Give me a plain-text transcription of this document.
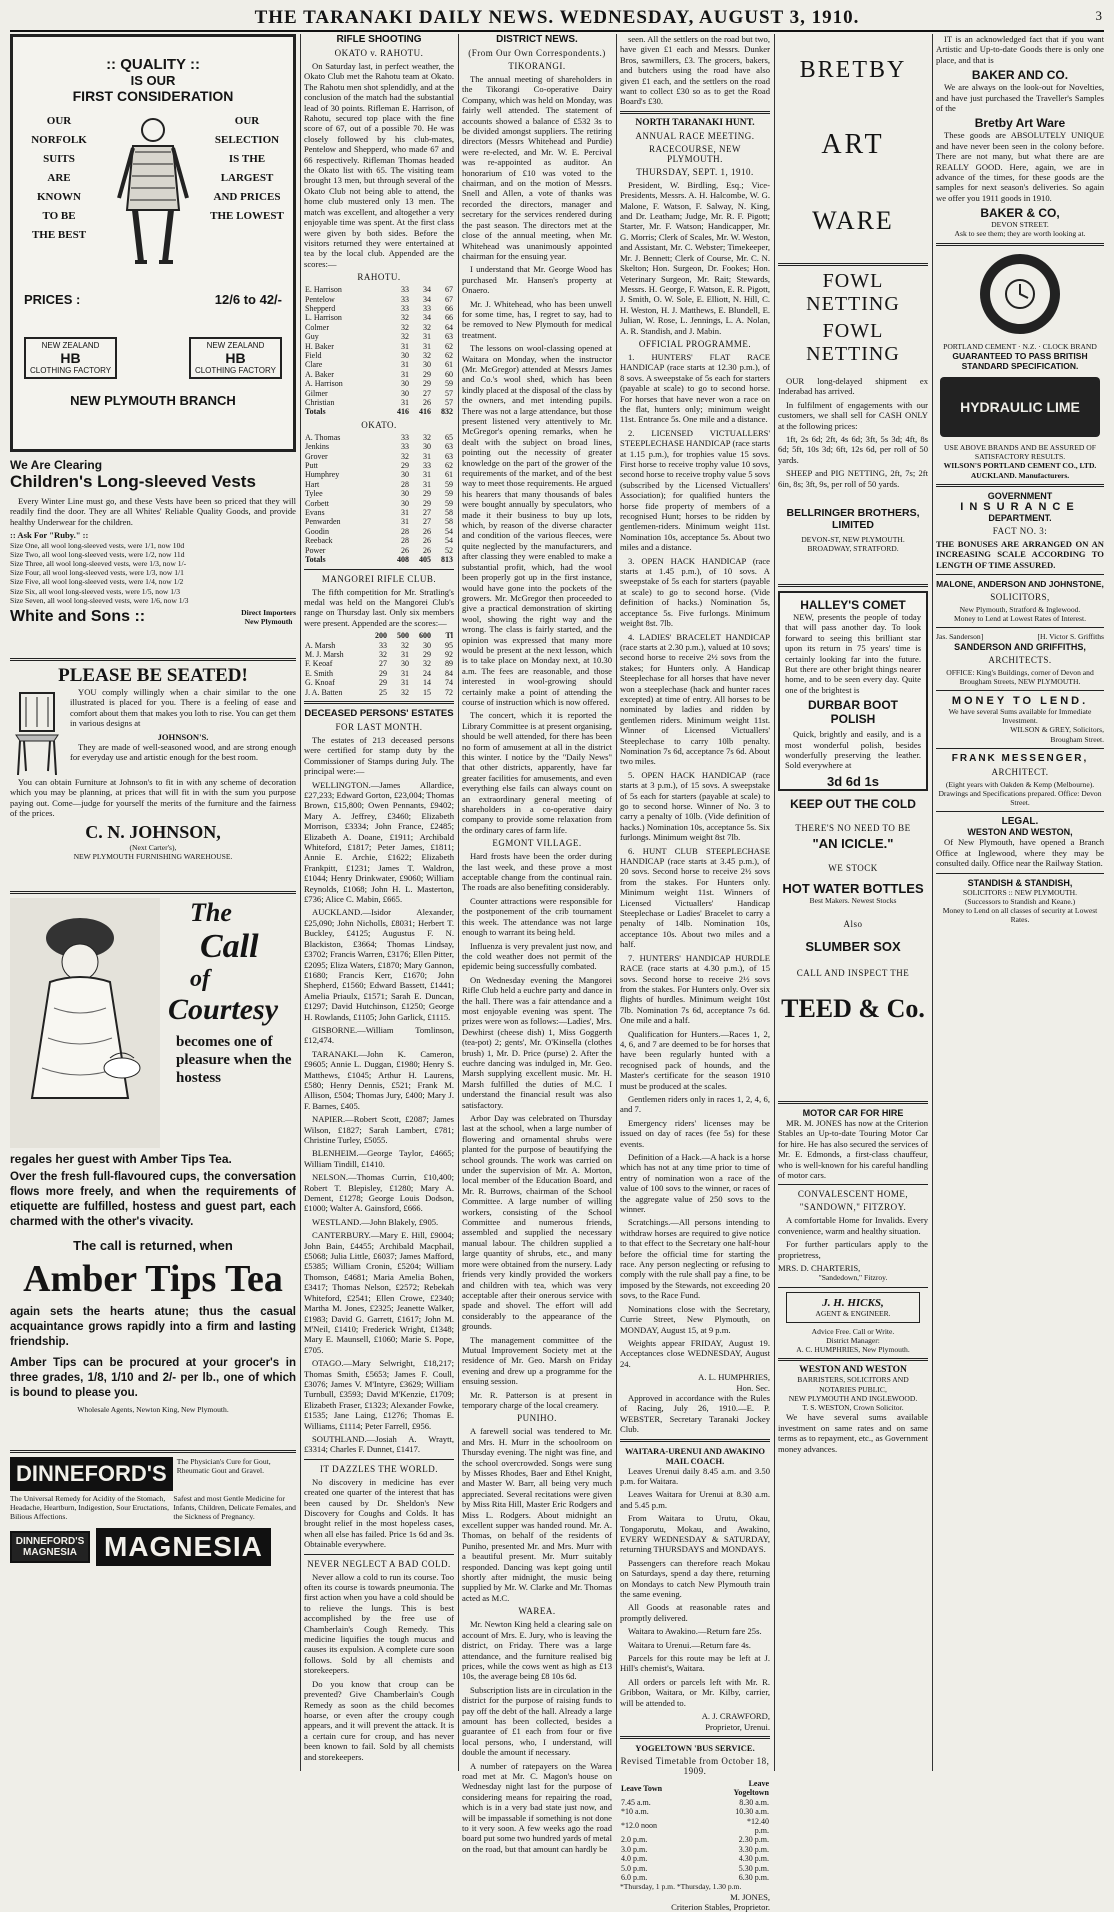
THE TARANAKI DAILY NEWS. WEDNESDAY, AUGUST 3, 1910.	3
:: QUALITY ::
IS OUR
FIRST CONSIDERATION
OUR
NORFOLK SUITS
ARE
KNOWN
TO BE
THE BEST
OUR
SELECTION
IS THE
LARGEST
AND PRICES
THE LOWEST
PRICES :	12/6 to 42/-
NEW ZEALAND
HB
CLOTHING FACTORY
NEW ZEALAND
HB
CLOTHING FACTORY
NEW PLYMOUTH BRANCH
We Are Clearing
Children's Long-sleeved Vests
Every Winter Line must go, and these Vests have been so priced that they will readily find the door. They are all Whites' Reliable Quality Goods, and provide healthy Underwear for the children.
:: Ask For "Ruby." ::
Size One, all wool long-sleeved vests, were 1/1, now 10d
Size Two, all wool long-sleeved vests, were 1/2, now 11d
Size Three, all wool long-sleeved vests, were 1/3, now 1/-
Size Four, all wool long-sleeved vests, were 1/3, now 1/1
Size Five, all wool long-sleeved vests, were 1/4, now 1/2
Size Six, all wool long-sleeved vests, were 1/5, now 1/3
Size Seven, all wool long-sleeved vests, were 1/6, now 1/3
White and Sons ::	Direct Importers
New Plymouth
PLEASE BE SEATED!
YOU comply willingly when a chair similar to the one illustrated is placed for you. There is a feeling of ease and comfort about them that makes you loth to rise. You can get them in various designs at
JOHNSON'S.
They are made of well-seasoned wood, and are strong enough for everyday use and artistic enough for the best room.
You can obtain Furniture at Johnson's to fit in with any scheme of decoration which you may be planning, at prices that will fit in with the sum you purpose paying out. Come—judge for yourself the merits of the furniture and the fairness of the prices.
C. N. JOHNSON,
(Next Carter's),
NEW PLYMOUTH FURNISHING WAREHOUSE.
The
Call
of
Courtesy
becomes one of pleasure when the hostess
regales her guest with Amber Tips Tea.
Over the fresh full-flavoured cups, the conversation flows more freely, and when the requirements of etiquette are fulfilled, hostess and guest part, each charmed with the other's vivacity.
The call is returned, when
Amber Tips Tea
again sets the hearts atune; thus the casual acquaintance grows rapidly into a firm and lasting friendship.
Amber Tips can be procured at your grocer's in three grades, 1/8, 1/10 and 2/- per lb., one of which is bound to please you.
Wholesale Agents, Newton King, New Plymouth.
DINNEFORD'S	The Physician's Cure for Gout, Rheumatic Gout and Gravel.
The Universal Remedy for Acidity of the Stomach, Headache, Heartburn, Indigestion, Sour Eructations, Bilious Affections.
Safest and most Gentle Medicine for Infants, Children, Delicate Females, and the Sickness of Pregnancy.
DINNEFORD'S
MAGNESIA MAGNESIA
RIFLE SHOOTING
OKATO v. RAHOTU.
On Saturday last, in perfect weather, the Okato Club met the Rahotu team at Okato. The Rahotu men shot splendidly, and at the conclusion of the match had the substantial lead of 30 points. Rifleman E. Harrison, of Rahotu, secured top place with the fine score of 67, out of a possible 70. He was closely followed by his club-mates, Pentelow and Shepperd, who made 67 and 66 respectively. Rifleman Thomas headed the Okato list with 65. The visiting team brought 13 men, but through several of the Okato Club not being able to attend, the home club mustered only 13 men. The match was excellent, and altogether a very enjoyable time was spent. At the first class were given by both sides. Before the visitors returned they were entertained at tea by the local club. Appended are the scores:—
RAHOTU.
E. Harrison	33	34	67
Pentelow	33	34	67
Shepperd	33	33	66
L. Harrison	32	34	66
Colmer	32	32	64
Guy	32	31	63
H. Baker	31	31	62
Field	30	32	62
Clare	31	30	61
A. Baker	31	29	60
A. Harrison	30	29	59
Gilmer	30	27	57
Christian	31	26	57
Totals	416	416	832
OKATO.
A. Thomas	33	32	65
Jenkins	33	30	63
Grover	32	31	63
Putt	29	33	62
Humphrey	30	31	61
Hart	28	31	59
Tylee	30	29	59
Corbett	30	29	59
Evans	31	27	58
Penwarden	31	27	58
Goodin	28	26	54
Reeback	28	26	54
Power	26	26	52
Totals	408	405	813
MANGOREI RIFLE CLUB.
The fifth competition for Mr. Stratling's medal was held on the Mangorei Club's range on Thursday last. Only six members were present. Appended are the scores:—
	200	500	600	Tl
A. Marsh	33	32	30	95
M. J. Marsh	32	31	29	92
F. Keoaf	27	30	32	89
E. Smith	29	31	24	84
G. Knoaf	29	31	14	74
J. A. Batten	25	32	15	72
DECEASED PERSONS' ESTATES
FOR LAST MONTH.
The estates of 213 deceased persons were certified for stamp duty by the Commissioner of Stamps during July. The principal were:—
WELLINGTON.—James Allardice, £27,233; Edward Gorton, £23,004; Thomas Brown, £15,800; Owen Pennants, £9402; Mary A. Jeffrey, £3460; Elizabeth Morrison, £3334; John France, £2485; Elizabeth A. Doane, £1911; Archibald Whiteford, £1817; Peter James, £1811; Annie E. Archie, £1622; Elizabeth Frankpitt, £1231; James T. Waldron, £1044; Henry Drinkwater, £9060; William Reynolds, £1068; John H. L. Masterton, £736; Alice C. Mabin, £665.
AUCKLAND.—Isidor Alexander, £25,090; John Nicholls, £8031; Herbert T. Buckley, £4125; Augustus F. N. Blackiston, £3664; Thomas Lindsay, £3702; Francis Warren, £3176; Ellen Pitter, £2095; Eliza Waters, £1870; Mary Gannon, £1680; Francis Kerr, £1670; John Shepherd, £1560; Edward Bassett, £1441; Amelia Priaulx, £1571; Sarah E. Duncan, £1297; David Hutchinson, £1250; George H. Rowlands, £1105; John Garlick, £1115.
GISBORNE.—William Tomlinson, £12,474.
TARANAKI.—John K. Cameron, £9605; Annie L. Duggan, £1980; Henry S. Matthews, £1045; Arthur H. Laurens, £580; Henry Dennis, £521; Frank M. Allison, £504; Thomas Jury, £400; Mary J. F. Barnes, £405.
NAPIER.—Robert Scott, £2087; James Wilson, £1827; Sarah Lambert, £781; Christine Turley, £5055.
BLENHEIM.—George Taylor, £4665; William Tindill, £1410.
NELSON.—Thomas Currin, £10,400; Robert T. Blepisley, £1280; Mary A. Dement, £1278; George Louis Dodson, £1000; Walter A. Gainsford, £666.
WESTLAND.—John Blakely, £905.
CANTERBURY.—Mary E. Hill, £9004; John Bain, £4455; Archibald Macphail, £5068; Julia Little, £6037; James Mafford, £5385; William Cronin, £5204; William Thomson, £4681; Maria Amelia Bohen, £3417; Thomas Nelson, £2572; Rebekah Whiteford, £2541; Ellen Crowe, £2340; Martha M. Jones, £2325; Jeanette Walker, £1983; David G. Garrett, £1617; John M. M'Neil, £1410; Frederick Wright, £1348; Mary E. Maunsell, £1060; Marie S. Pope, £705.
OTAGO.—Mary Selwright, £18,217; Thomas Smith, £5653; James F. Coull, £3076; James V. M'Intyre, £3629; William Turnbull, £3593; David M'Kenzie, £1709; Elizabeth Fraser, £1323; Alexander Fowke, £1535; Jane Laing, £1276; Thomas E. Williams, £1114; Peter Farrell, £956.
SOUTHLAND.—Josiah A. Wraytt, £3314; Charles F. Dunnet, £1417.
IT DAZZLES THE WORLD.
No discovery in medicine has ever created one quarter of the interest that has been caused by Dr. Sheldon's New Discovery for Coughs and Colds. It has brought relief in the most hopeless cases, when all else has failed. Price 1s 6d and 3s. Obtainable everywhere.
NEVER NEGLECT A BAD COLD.
Never allow a cold to run its course. Too often its course is towards pneumonia. The first action when you have a cold should be to relieve the lungs. This is best accomplished by the free use of Chamberlain's Cough Remedy. This medicine liquifies the tough mucus and causes its expulsion. A complete cure soon follows. Sold by all chemists and storekeepers.
Do you know that croup can be prevented? Give Chamberlain's Cough Remedy as soon as the child becomes hoarse, or even after the croupy cough appears, and it will prevent the attack. It is a certain cure for croup, and has never been known to fail. Sold by all chemists and storekeepers.
DISTRICT NEWS.
(From Our Own Correspondents.)
TIKORANGI.
The annual meeting of shareholders in the Tikorangi Co-operative Dairy Company, which was held on Monday, was fairly well attended. The statement of accounts showed a balance of £532 3s to be divided amongst suppliers. The retiring directors (Messrs Whitehead and Purdie) were re-elected, and Mr. W. E. Percival was re-appointed as auditor. An honorarium of £10 was voted to the chairman, and on the motion of Messrs. Snell and Allen, a vote of thanks was recorded the directors, manager and secretary for the services rendered during the past season. The directors met at the close of the annual meeting, when Mr. Whitehead was unanimously appointed chairman for the ensuing year.
I understand that Mr. George Wood has purchased Mr. Hansen's property at Onaero.
Mr. J. Whitehead, who has been unwell for some time, has, I regret to say, had to be removed to New Plymouth for medical treatment.
The lessons on wool-classing opened at Waitara on Monday, when the instructor (Mr. McGregor) attended at Messrs James and Co.'s wool shed, which has been kindly placed at the disposal of the class by the owners, and met intending pupils. There was not a large attendance, but those present listened very attentively to Mr. McGregor's opening remarks, when he dealt with the subject on broad lines, pointing out the necessity of greater knowledge on the part of the grower of the requirements of the market, and of the best way to meet those requirements. He argued his hearers that many thousands of bales were bought annually by speculators, who made it their business to buy up lots, which, by reason of the diverse character and condition of the various fleeces, were quite neglected by the manufacturers, and after classing they were enabled to make a substantial profit, which, had the wool been properly got up in the first instance, would have gone into the pockets of the growers. Mr. McGregor then proceeded to give a practical demonstration of skirting wool, showing the right way and the wrong. The class is fairly started, and the opinion was expressed that many more would be present at the next lesson, which is to take place on Monday next, at 10.30 a.m. The fees are reasonable, and those interested in wool-growing should certainly make a point of attending the course of instruction which is now offered.
The concert, which it is reported the Library Committee is at present organising, should be well attended, for there has been no form of amusement at all in the district this winter. I notice by the "Daily News" that other districts, apparently, have far greater facilities for amusements, and even everything else fails can always count on an extraordinary general meeting of shareholders in a co-operative dairy company to provide some relaxation from the ordinary cares of farm life.
EGMONT VILLAGE.
Hard frosts have been the order during the last week, and these prove a most acceptable change from the continual rain. The roads are also benefiting considerably.
Counter attractions were responsible for the postponement of the crib tournament this week. The attendance was not large enough to warrant its being held.
Influenza is very prevalent just now, and the cold weather does not permit of the epidemic being successfully combated.
On Wednesday evening the Mangorei Rifle Club held a euchre party and dance in the hall. There was a fair attendance and a most enjoyable evening was spent. The prizes were won as follows:—Ladies', Mrs. Dewhirst (cheese dish) 1, Miss Goggerth (tea-pot) 2; gents', Mr. O'Kinsella (clothes brush) 1, Mr. D. Price (purse) 2. After the euchre dancing was indulged in, Mr. Geo. Marsh supplying excellent music. Mr. H. Marsh fulfilled the duties of M.C. I understand the financial result was also satisfactory.
Arbor Day was celebrated on Thursday last at the school, when a large number of flowering and ornamental shrubs were planted for the purpose of beautifying the school grounds. The work was carried on under the supervision of Mr. A. Morton, local member of the Education Board, and Mr. R. Burrows, chairman of the School Committee. A large number of willing workers, consisting of the School Committee and numerous friends, assembled and supplied the necessary manual labour. The children supplied a large quantity of shrubs, etc., and many more were obtained from the nursery. Lady friends very kindly provided the workers and children with tea, which was very acceptable after their onerous service with spade and shovel. The effort will add considerably to the appearance of the grounds.
The management committee of the Mutual Improvement Society met at the residence of Mr. Geo. Marsh on Friday evening and drew up a programme for the ensuing session.
Mr. R. Patterson is at present in temporary charge of the local creamery.
PUNIHO.
A farewell social was tendered to Mr. and Mrs. H. Murr in the schoolroom on Thursday evening. The night was fine, and the school overcrowded. Songs were sung by Misses Rhodes, Baer and Ethel Knight, and Master W. Barr, all being very much appreciated. Several recitations were given by Miss Rita Hill, Master Eric Rodgers and Miss L. Rodgers. About midnight an excellent supper was handed round. Mr. A. Thomas, on behalf of the residents of Puniho, presented Mr. and Mrs. Murr with a beautiful present. Mr. Murr suitably responded. Dancing was kept going until shortly after midnight, the music being supplied by Mr. W. Clarke and Mr. Thomas acted as M.C.
WAREA.
Mr. Newton King held a clearing sale on account of Mrs. E. Jury, who is leaving the district, on Friday. There was a large attendance, and the furniture realised big prices, while the cows went as high as £13 10s, the average being £8 10s 6d.
Subscription lists are in circulation in the district for the purpose of raising funds to pay off the debt of the hall. Already a large amount has been collected, besides a guarantee of £1 each from four or five local persons, who, I understand, will double the amount if necessary.
A number of ratepayers on the Warea road met at Mr. C. Magon's house on Wednesday night last for the purpose of considering means for repairing the road, which is in a very bad state just now, and will be impassable if something is not done to it very soon. A few weeks ago the road board put some two hundred yards of metal on the road, but that amount can hardly be
seen. All the settlers on the road but two, have given £1 each and Messrs. Dunker Bros, sawmillers, £3. The grocers, bakers, and butchers using the road have also given £1 each, and the settlers on the road want to collect £30 so as to get the Road Board's £30.
NORTH TARANAKI HUNT.
ANNUAL RACE MEETING.
RACECOURSE, NEW PLYMOUTH.
THURSDAY, SEPT. 1, 1910.
President, W. Birdling, Esq.; Vice-Presidents, Messrs. A. H. Halcombe, W. G. Malone, F. Watson, F. Salway, N. King, and Dr. Leatham; Judge, Mr. R. F. Pigott; Starter, Mr. F. Watson; Handicapper, Mr. G. Morris; Clerk of Scales, Mr. W. Weston, and Assistant, Mr. C. Webster; Timekeeper, Mr. J. Bennett; Clerk of Course, Mr. C. N. Skelton; Hon. Surgeon, Dr. Fookes; Hon. Veterinary Surgeon, Mr. Rait; Stewards, Messrs. H. George, F. Watson, E. R. Pigott, J. Smith, O. W. Sole, E. Elliott, N. Hill, C. H. Weston, H. J. Matthews, E. Blundell, E. Julian, W. Rose, L. Jennings, L. A. Nolan, A. R. Standish, and J. Mabin.
OFFICIAL PROGRAMME.
1. HUNTERS' FLAT RACE HANDICAP (race starts at 12.30 p.m.), of 8 sovs. A sweepstake of 5s each for starters (payable at scale) to go to second horse. For horses that have never won a race on the flat, hunters only; minimum weight 11st. Entrance 5s. One mile and a distance.
2. LICENSED VICTUALLERS' STEEPLECHASE HANDICAP (race starts at 1.15 p.m.), for trophies value 15 sovs. First horse to receive trophy value 10 sovs, second horse to receive trophy value 5 sovs (subscribed by the Licensed Victuallers' Association); for qualified hunters the horse fide property of members of a recognised Hunt; horses to be ridden by gentlemen-riders. Minimum weight 11st. Nomination 10s, acceptance 5s. About two miles and a distance.
3. OPEN HACK HANDICAP (race starts at 1.45 p.m.), of 10 sovs. A sweepstake of 5s each for starters (payable at scale) to go to second horse. (Vide definition of hacks.) Nomination 5s, acceptance 5s. Five furlongs. Minimum weight 8st. 7lb.
4. LADIES' BRACELET HANDICAP (race starts at 2.30 p.m.), valued at 10 sovs; second horse to receive 2½ sovs from the stakes; for Hunters only. A Handicap Steeplechase for all horses that have never won a steeplechase (hack and hunter races excepted) at time of entry. All horses to be nominated by ladies and ridden by gentlemen riders. Minimum weight 11st. Winner of Licensed Victuallers' Steeplechase to carry 10lb penalty. Nomination 7s 6d, acceptance 7s 6d. About two miles.
5. OPEN HACK HANDICAP (race starts at 3 p.m.), of 15 sovs. A sweepstake of 5s each for starters (payable at scale) to go to second horse. Winner of No. 3 to carry a penalty of 10lb. (Vide definition of hacks.) Nomination 10s, acceptance 5s. Six furlongs. Minimum weight 8st 7lb.
6. HUNT CLUB STEEPLECHASE HANDICAP (race starts at 3.45 p.m.), of 20 sovs. Second horse to receive 2½ sovs from the stakes. For Hunters only. Minimum weight 11st. Winners of Licensed Victuallers' Handicap Steeplechase or Ladies' Bracelet to carry a penalty of 14lb. Nomination 10s, acceptance 10s. About two miles and a half.
7. HUNTERS' HANDICAP HURDLE RACE (race starts at 4.30 p.m.), of 15 sovs. Second horse to receive 2½ sovs from the stakes. For Hunters only. Over six flights of hurdles. Minimum weight 10st 7lb. Nomination 7s 6d, acceptance 7s 6d. One mile and a half.
Qualification for Hunters.—Races 1, 2, 4, 6, and 7 are deemed to be for horses that have been regularly hunted with a recognised pack of hounds, and the Master's certificate for the season 1910 must be produced at the scales.
Gentlemen riders only in races 1, 2, 4, 6, and 7.
Emergency riders' licenses may be issued on day of races (fee 5s) for these events.
Definition of a Hack.—A hack is a horse which has not at any time prior to time of entry of nomination won a race of the value of 100 sovs to the winner, or races of the aggregate value of 250 sovs to the winner.
Scratchings.—All persons intending to withdraw horses are required to give notice to that effect to the Secretary one half-hour before the official time for starting the race. Any person neglecting or refusing to comply with the rule shall pay a fine, to be imposed by the Stewards, not exceeding 20 sovs, to the Race Fund.
Nominations close with the Secretary, Currie Street, New Plymouth, on MONDAY, August 15, at 9 p.m.
Weights appear FRIDAY, August 19. Acceptances close WEDNESDAY, August 24.
A. L. HUMPHRIES,
Hon. Sec.
Approved in accordance with the Rules of Racing, July 26, 1910.—E. P. WEBSTER, Secretary Taranaki Jockey Club.
WAITARA-URENUI AND AWAKINO MAIL COACH.
Leaves Urenui daily 8.45 a.m. and 3.50 p.m. for Waitara.
Leaves Waitara for Urenui at 8.30 a.m. and 5.45 p.m.
From Waitara to Urutu, Okau, Tongaporutu, Mokau, and Awakino, EVERY WEDNESDAY & SATURDAY, returning THURSDAYS and MONDAYS.
Passengers can therefore reach Mokau on Saturdays, spend a day there, returning on Mondays to catch New Plymouth train the same evening.
All Goods at reasonable rates and promptly delivered.
Waitara to Awakino.—Return fare 25s.
Waitara to Urenui.—Return fare 4s.
Parcels for this route may be left at J. Hill's chemist's, Waitara.
All orders or parcels left with Mr. R. Gribbon, Waitara, or Mr. Kilby, carrier, will be attended to.
A. J. CRAWFORD,
Proprietor, Urenui.
YOGELTOWN 'BUS SERVICE.
Revised Timetable from October 18, 1909.
Leave Town	Leave Yogeltown
7.45 a.m.	8.30 a.m.
*10 a.m.	10.30 a.m.
*12.0 noon	*12.40 p.m.
2.0 p.m.	2.30 p.m.
3.0 p.m.	3.30 p.m.
4.0 p.m.	4.30 p.m.
5.0 p.m.	5.30 p.m.
6.0 p.m.	6.30 p.m.
*Thursday, 1 p.m. *Thursday, 1.30 p.m.
M. JONES,
Criterion Stables, Proprietor.
BRETBY
ART
WARE
FOWL NETTING
FOWL NETTING
OUR long-delayed shipment ex Inderabad has arrived.
In fulfilment of engagements with our customers, we shall sell for CASH ONLY at the following prices:
1ft, 2s 6d; 2ft, 4s 6d; 3ft, 5s 3d; 4ft, 8s 6d; 5ft, 10s 3d; 6ft, 12s 6d, per roll of 50 yards.
SHEEP and PIG NETTING, 2ft, 7s; 2ft 6in, 8s; 3ft, 9s, per roll of 50 yards.
BELLRINGER BROTHERS, LIMITED
DEVON-ST, NEW PLYMOUTH.
BROADWAY, STRATFORD.
HALLEY'S COMET
NEW, presents the people of today that will pass another day. To look forward to seeing this brilliant star upon its return in 75 years' time is certainly looking far into the future. But there are other bright things nearer home, and to be seen every day. Quite one of the brightest is
DURBAR BOOT POLISH
Quick, brightly and easily, and is a most wonderful polish, besides wonderfully preserving the leather. Sold everywhere at
3d 6d 1s
KEEP OUT THE COLD
THERE'S NO NEED TO BE
"AN ICICLE."
WE STOCK
HOT WATER BOTTLES
Best Makers. Newest Stocks
Also
SLUMBER SOX
CALL AND INSPECT THE
TEED & Co.
MOTOR CAR FOR HIRE
MR. M. JONES has now at the Criterion Stables an Up-to-date Touring Motor Car for hire. He has also secured the services of Mr. E. Edmonds, a first-class chauffeur, who is well-known for his careful handling of motor cars.
CONVALESCENT HOME,
"SANDOWN," FITZROY.
A comfortable Home for Invalids. Every convenience, warm and healthy situation.
For further particulars apply to the proprietress,
MRS. D. CHARTERIS,
"Sandedown," Fitzroy.
J. H. HICKS,
AGENT & ENGINEER.
Advice Free. Call or Write.
District Manager:
A. C. HUMPHRIES, New Plymouth.
WESTON AND WESTON
BARRISTERS, SOLICITORS AND NOTARIES PUBLIC,
NEW PLYMOUTH AND INGLEWOOD.
T. S. WESTON, Crown Solicitor.
We have several sums available investment on same rates and on same terms as to repayment, etc., as Government money advances.
IT is an acknowledged fact that if you want Artistic and Up-to-date Goods there is only one place, and that is
BAKER AND CO.
We are always on the look-out for Novelties, and have just purchased the Traveller's Samples of the
Bretby Art Ware
These goods are ABSOLUTELY UNIQUE and have never been seen in the colony before. There are not many, but what there are are REALLY GOOD. Here, again, we are in advance of the times, for these goods are the samples for next season's deliveries. So again we offer you 1911 goods in 1910.
BAKER & CO,
DEVON STREET.
Ask to see them; they are worth looking at.
PORTLAND CEMENT · N.Z. · CLOCK BRAND
GUARANTEED TO PASS BRITISH STANDARD SPECIFICATION.
HYDRAULIC LIME
USE ABOVE BRANDS AND BE ASSURED OF SATISFACTORY RESULTS.
WILSON'S PORTLAND CEMENT CO., LTD. AUCKLAND. Manufacturers.
GOVERNMENT
INSURANCE
DEPARTMENT.
FACT NO. 3:
THE BONUSES ARE ARRANGED ON AN INCREASING SCALE ACCORDING TO LENGTH OF TIME ASSURED.
MALONE, ANDERSON AND JOHNSTONE,
SOLICITORS,
New Plymouth, Stratford & Inglewood.
Money to Lend at Lowest Rates of Interest.
Jas. Sanderson]	[H. Victor S. Griffiths
SANDERSON AND GRIFFITHS,
ARCHITECTS.
OFFICE: King's Buildings, corner of Devon and Brougham Streets, NEW PLYMOUTH.
MONEY TO LEND.
We have several Sums available for Immediate Investment.
WILSON & GREY, Solicitors,
Brougham Street.
FRANK MESSENGER,
ARCHITECT.
(Eight years with Oakden & Kemp (Melbourne).
Drawings and Specifications prepared. Office: Devon Street.
LEGAL.
WESTON AND WESTON,
Of New Plymouth, have opened a Branch Office at Inglewood, where they may be consulted daily. Office near the Railway Station.
STANDISH & STANDISH,
SOLICITORS :: NEW PLYMOUTH.
(Successors to Standish and Keane.)
Money to Lend on all classes of security at Lowest Rates.
